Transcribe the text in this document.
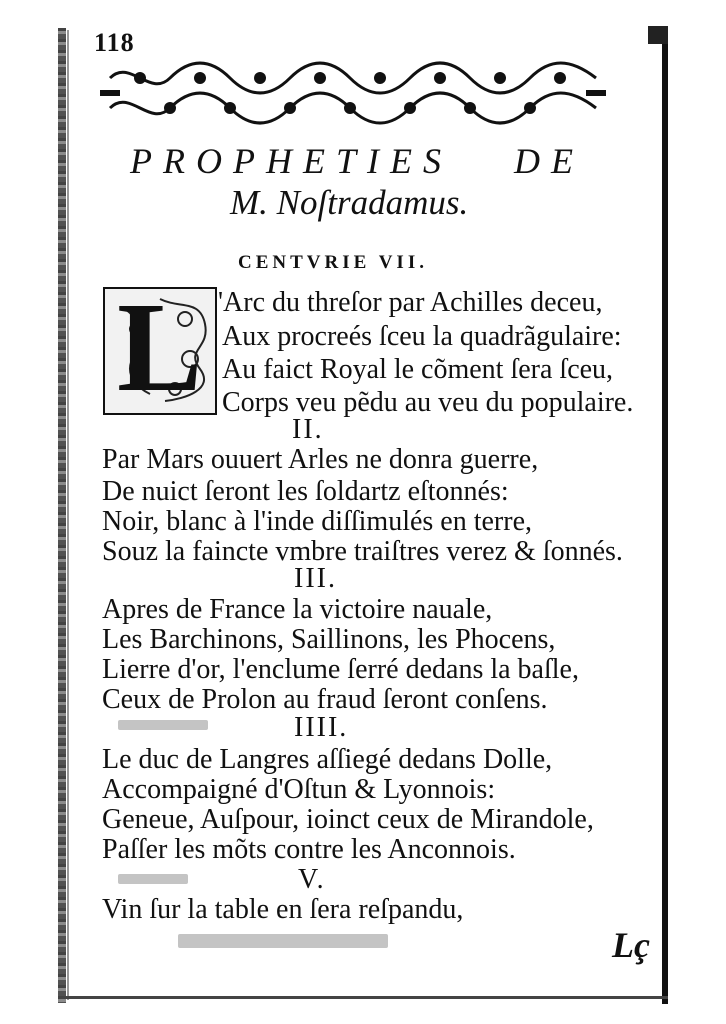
118
PROPHETIES DE
M. Noſtradamus.
CENTVRIE VII.
L 'Arc du threſor par Achilles deceu,
Aux procreés ſceu la quadrãgulaire:
Au faict Royal le cõment ſera ſceu,
Corps veu pẽdu au veu du populaire.
II.
Par Mars ouuert Arles ne donra guerre,
De nuict ſeront les ſoldartz eſtonnés:
Noir, blanc à l'inde diſſimulés en terre,
Souz la faincte vmbre traiſtres verez & ſonnés.
III.
Apres de France la victoire nauale,
Les Barchinons, Saillinons, les Phocens,
Lierre d'or, l'enclume ſerré dedans la baſle,
Ceux de Prolon au fraud ſeront conſens.
IIII.
Le duc de Langres aſſiegé dedans Dolle,
Accompaigné d'Oſtun & Lyonnois:
Geneue, Auſpour, ioinct ceux de Mirandole,
Paſſer les mõts contre les Anconnois.
V.
Vin ſur la table en ſera reſpandu,
Lç
